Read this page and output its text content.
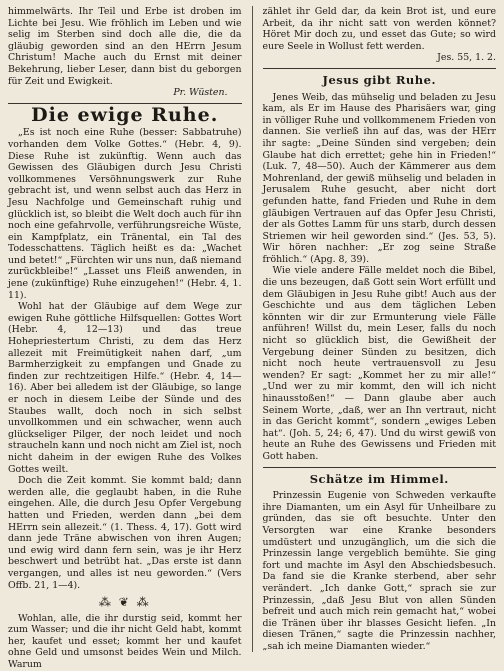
himmelwärts. Ihr Teil und Erbe ist droben im Lichte bei Jesu. Wie fröhlich im Leben und wie selig im Sterben sind doch alle die, die da gläubig geworden sind an den HErrn Jesum Christum! Mache auch du Ernst mit deiner Bekehrung, lieber Leser, dann bist du geborgen für Zeit und Ewigkeit.

Pr. Wüsten.
Die ewige Ruhe.

„Es ist noch eine Ruhe (besser: Sabbatruhe) vorhanden dem Volke Gottes.“ (Hebr. 4, 9). Diese Ruhe ist zukünftig. Wenn auch das Gewissen des Gläubigen durch Jesu Christi vollkommenes Versöhnungswerk zur Ruhe gebracht ist, und wenn selbst auch das Herz in Jesu Nachfolge und Gemeinschaft ruhig und glücklich ist, so bleibt die Welt doch auch für ihn noch eine gefahrvolle, verführungsreiche Wüste, ein Kampfplatz, ein Tränental, ein Tal des Todesschattens. Täglich heißt es da: „Wachet und betet!“ „Fürchten wir uns nun, daß niemand zurückbleibe!“ „Lasset uns Fleiß anwenden, in jene (zukünftige) Ruhe einzugehen!“ (Hebr. 4, 1. 11).

Wohl hat der Gläubige auf dem Wege zur ewigen Ruhe göttliche Hilfsquellen: Gottes Wort (Hebr. 4, 12—13) und das treue Hohepriestertum Christi, zu dem das Herz allezeit mit Freimütigkeit nahen darf, „um Barmherzigkeit zu empfangen und Gnade zu finden zur rechtzeitigen Hilfe.“ (Hebr. 4, 14—16). Aber bei alledem ist der Gläubige, so lange er noch in diesem Leibe der Sünde und des Staubes wallt, doch noch in sich selbst unvollkommen und ein schwacher, wenn auch glückseliger Pilger, der noch leidet und noch straucheln kann und noch nicht am Ziel ist, noch nicht daheim in der ewigen Ruhe des Volkes Gottes weilt.

Doch die Zeit kommt. Sie kommt bald; dann werden alle, die geglaubt haben, in die Ruhe eingehen. Alle, die durch Jesu Opfer Vergebung hatten und Frieden, werden dann „bei dem HErrn sein allezeit.“ (1. Thess. 4, 17). Gott wird dann jede Träne abwischen von ihren Augen; und ewig wird dann fern sein, was je ihr Herz beschwert und betrübt hat. „Das erste ist dann vergangen, und alles ist neu geworden.“ (Vers Offb. 21, 1—4).

⁂ ❦ ⁂

Wohlan, alle, die ihr durstig seid, kommt her zum Wasser; und die ihr nicht Geld habt, kommt her, kaufet und esset; kommt her und kaufet ohne Geld und umsonst beides Wein und Milch. Warum

zählet ihr Geld dar, da kein Brot ist, und eure Arbeit, da ihr nicht satt von werden könnet? Höret Mir doch zu, und esset das Gute; so wird eure Seele in Wollust fett werden.

Jes. 55, 1. 2.
Jesus gibt Ruhe.

Jenes Weib, das mühselig und beladen zu Jesu kam, als Er im Hause des Pharisäers war, ging in völliger Ruhe und vollkommenem Frieden von dannen. Sie verließ ihn auf das, was der HErr ihr sagte: „Deine Sünden sind vergeben; dein Glaube hat dich errettet; gehe hin in Frieden!“ (Luk. 7, 48—50). Auch der Kämmerer aus dem Mohrenland, der gewiß mühselig und beladen in Jerusalem Ruhe gesucht, aber nicht dort gefunden hatte, fand Frieden und Ruhe in dem gläubigen Vertrauen auf das Opfer Jesu Christi, der als Gottes Lamm für uns starb, durch dessen Striemen wir heil geworden sind.“ (Jes. 53, 5). Wir hören nachher: „Er zog seine Straße fröhlich.“ (Apg. 8, 39).

Wie viele andere Fälle meldet noch die Bibel, die uns bezeugen, daß Gott sein Wort erfüllt und dem Gläubigen in Jesu Ruhe gibt! Auch aus der Geschichte und aus dem täglichen Leben könnten wir dir zur Ermunterung viele Fälle anführen! Willst du, mein Leser, falls du noch nicht so glücklich bist, die Gewißheit der Vergebung deiner Sünden zu besitzen, dich nicht noch heute vertrauensvoll zu Jesu wenden? Er sagt: „Kommet her zu mir alle!“ „Und wer zu mir kommt, den will ich nicht hinausstoßen!“ — Dann glaube aber auch Seinem Worte, „daß, wer an Ihn vertraut, nicht in das Gericht kommt“, sondern „ewiges Leben hat“. (Joh. 5, 24; 6, 47). Und du wirst gewiß von heute an Ruhe des Gewissens und Frieden mit Gott haben.

Schätze im Himmel.

Prinzessin Eugenie von Schweden verkaufte ihre Diamanten, um ein Asyl für Unheilbare zu gründen, das sie oft besuchte. Unter den Versorgten war eine Kranke besonders umdüstert und unzugänglich, um die sich die Prinzessin lange vergeblich bemühte. Sie ging fort und machte im Asyl den Abschiedsbesuch. Da fand sie die Kranke sterbend, aber sehr verändert. „Ich danke Gott,“ sprach sie zur Prinzessin, „daß Jesu Blut von allen Sünden befreit und auch mich rein gemacht hat,“ wobei die Tränen über ihr blasses Gesicht liefen. „In diesen Tränen,“ sagte die Prinzessin nachher, „sah ich meine Diamanten wieder.“
